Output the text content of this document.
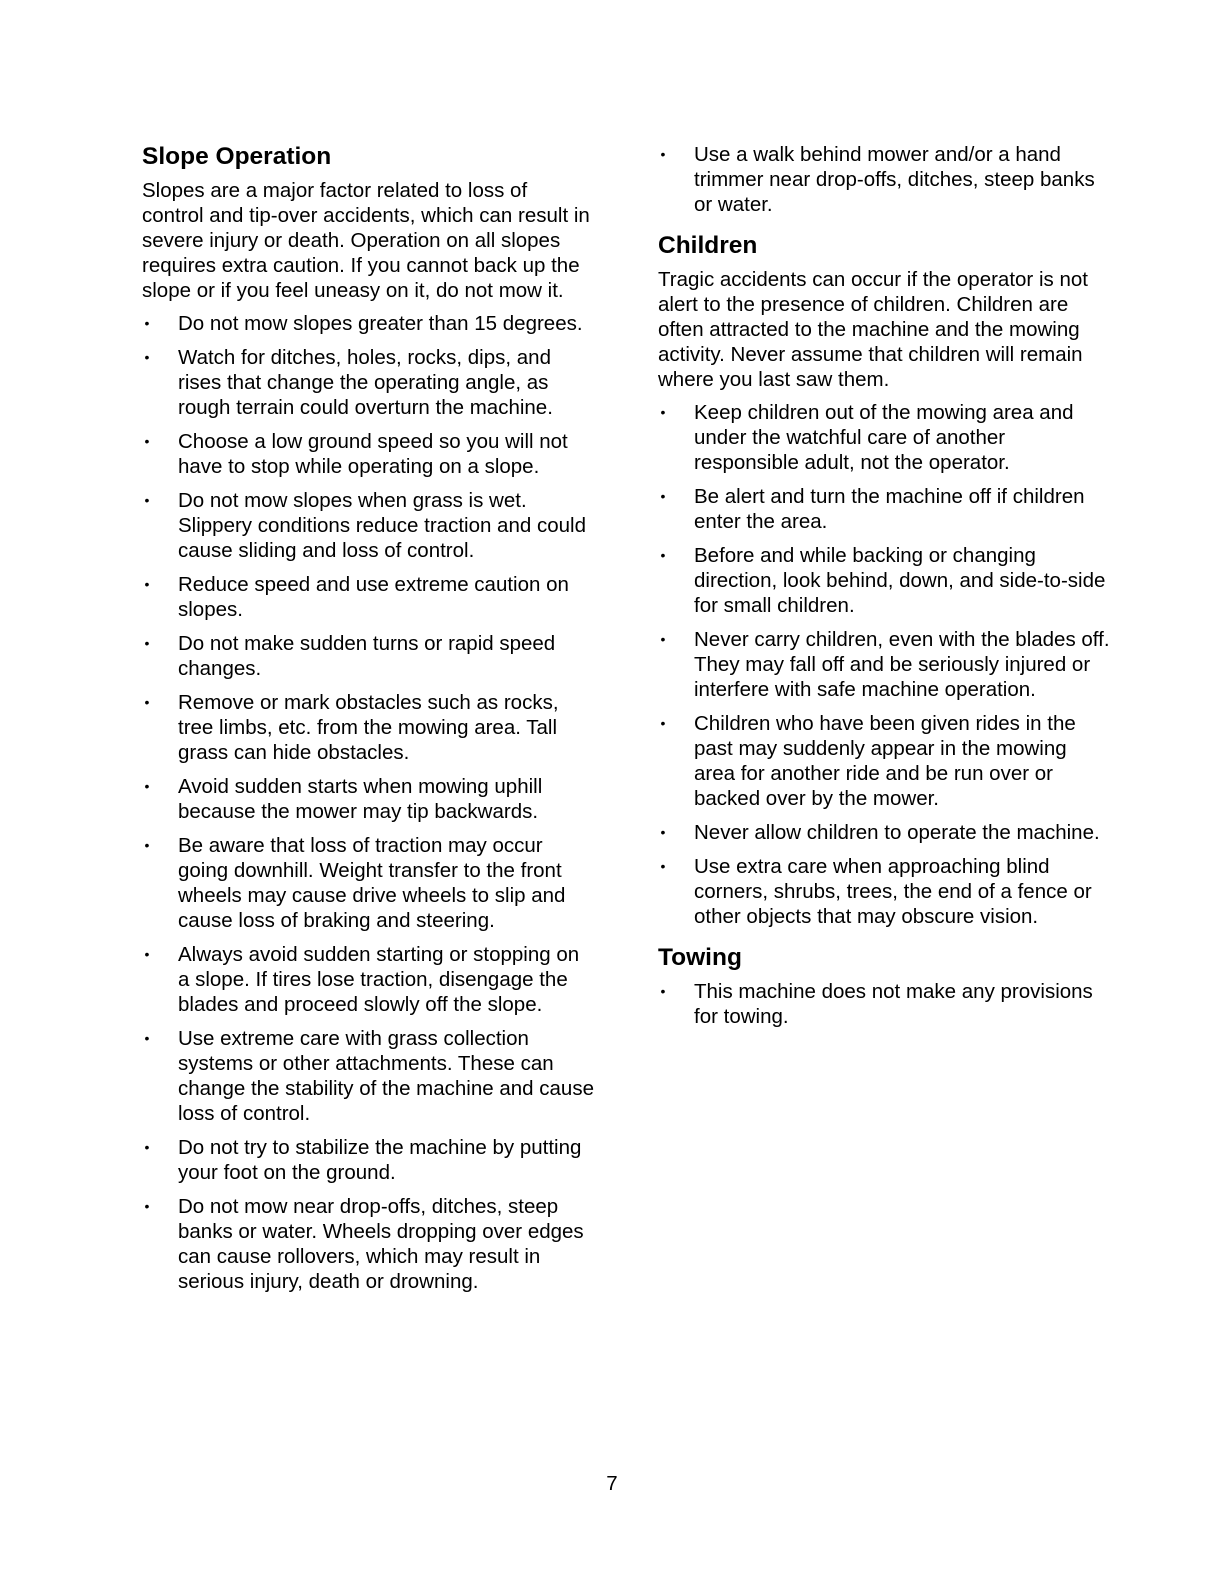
Slope Operation

Slopes are a major factor related to loss of control and tip-over accidents, which can result in severe injury or death. Operation on all slopes requires extra caution. If you cannot back up the slope or if you feel uneasy on it, do not mow it.

• Do not mow slopes greater than 15 degrees.
• Watch for ditches, holes, rocks, dips, and rises that change the operating angle, as rough terrain could overturn the machine.
• Choose a low ground speed so you will not have to stop while operating on a slope.
• Do not mow slopes when grass is wet. Slippery conditions reduce traction and could cause sliding and loss of control.
• Reduce speed and use extreme caution on slopes.
• Do not make sudden turns or rapid speed changes.
• Remove or mark obstacles such as rocks, tree limbs, etc. from the mowing area. Tall grass can hide obstacles.
• Avoid sudden starts when mowing uphill because the mower may tip backwards.
• Be aware that loss of traction may occur going downhill. Weight transfer to the front wheels may cause drive wheels to slip and cause loss of braking and steering.
• Always avoid sudden starting or stopping on a slope. If tires lose traction, disengage the blades and proceed slowly off the slope.
• Use extreme care with grass collection systems or other attachments. These can change the stability of the machine and cause loss of control.
• Do not try to stabilize the machine by putting your foot on the ground.
• Do not mow near drop-offs, ditches, steep banks or water. Wheels dropping over edges can cause rollovers, which may result in serious injury, death or drowning.
• Use a walk behind mower and/or a hand trimmer near drop-offs, ditches, steep banks or water.
Children

Tragic accidents can occur if the operator is not alert to the presence of children. Children are often attracted to the machine and the mowing activity. Never assume that children will remain where you last saw them.

• Keep children out of the mowing area and under the watchful care of another responsible adult, not the operator.
• Be alert and turn the machine off if children enter the area.
• Before and while backing or changing direction, look behind, down, and side-to-side for small children.
• Never carry children, even with the blades off. They may fall off and be seriously injured or interfere with safe machine operation.
• Children who have been given rides in the past may suddenly appear in the mowing area for another ride and be run over or backed over by the mower.
• Never allow children to operate the machine.
• Use extra care when approaching blind corners, shrubs, trees, the end of a fence or other objects that may obscure vision.
Towing
• This machine does not make any provisions for towing.
7
